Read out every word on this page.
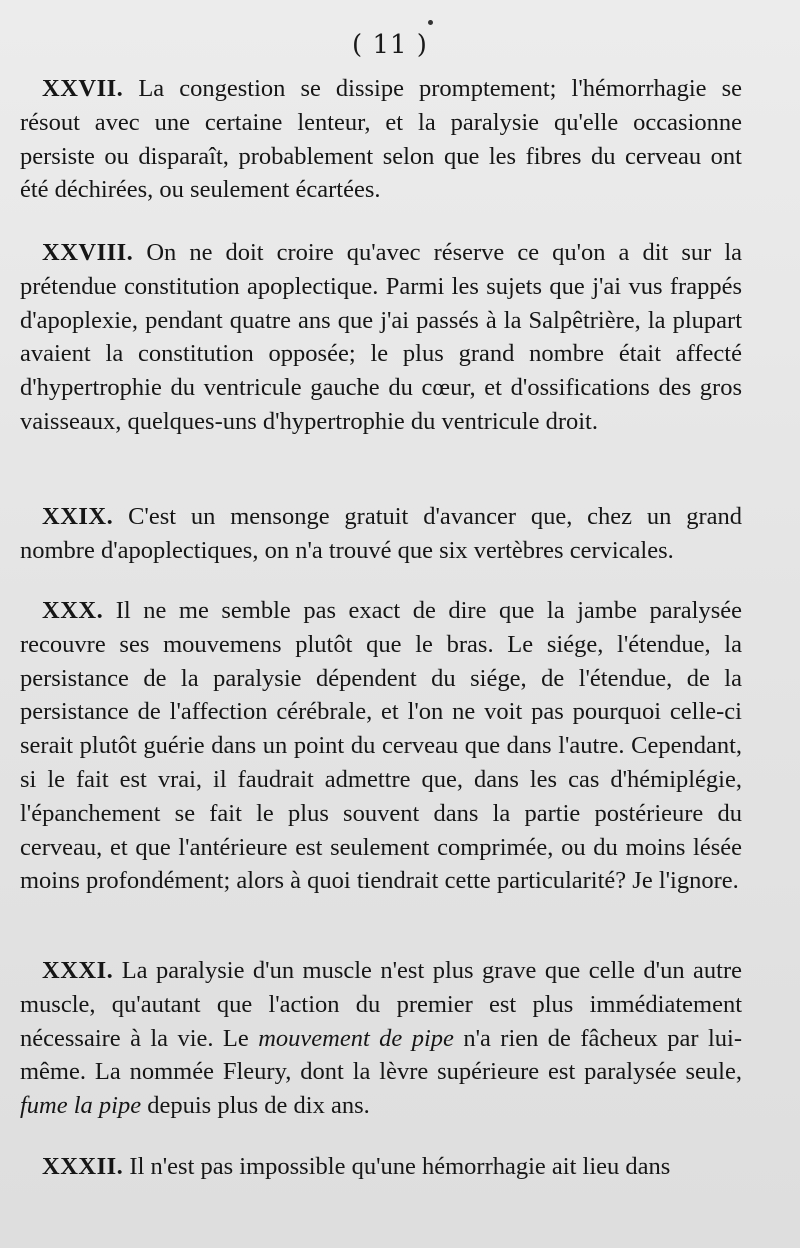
( 11 )
XXVII. La congestion se dissipe promptement; l'hémorrhagie se résout avec une certaine lenteur, et la paralysie qu'elle occasionne persiste ou disparaît, probablement selon que les fibres du cerveau ont été déchirées, ou seulement écartées.
XXVIII. On ne doit croire qu'avec réserve ce qu'on a dit sur la prétendue constitution apoplectique. Parmi les sujets que j'ai vus frappés d'apoplexie, pendant quatre ans que j'ai passés à la Salpêtrière, la plupart avaient la constitution opposée; le plus grand nombre était affecté d'hypertrophie du ventricule gauche du cœur, et d'ossifications des gros vaisseaux, quelques-uns d'hypertrophie du ventricule droit.
XXIX. C'est un mensonge gratuit d'avancer que, chez un grand nombre d'apoplectiques, on n'a trouvé que six vertèbres cervicales.
XXX. Il ne me semble pas exact de dire que la jambe paralysée recouvre ses mouvemens plutôt que le bras. Le siége, l'étendue, la persistance de la paralysie dépendent du siége, de l'étendue, de la persistance de l'affection cérébrale, et l'on ne voit pas pourquoi celle-ci serait plutôt guérie dans un point du cerveau que dans l'autre. Cependant, si le fait est vrai, il faudrait admettre que, dans les cas d'hémiplégie, l'épanchement se fait le plus souvent dans la partie postérieure du cerveau, et que l'antérieure est seulement comprimée, ou du moins lésée moins profondément; alors à quoi tiendrait cette particularité? Je l'ignore.
XXXI. La paralysie d'un muscle n'est plus grave que celle d'un autre muscle, qu'autant que l'action du premier est plus immédiatement nécessaire à la vie. Le mouvement de pipe n'a rien de fâcheux par lui-même. La nommée Fleury, dont la lèvre supérieure est paralysée seule, fume la pipe depuis plus de dix ans.
XXXII. Il n'est pas impossible qu'une hémorrhagie ait lieu dans
